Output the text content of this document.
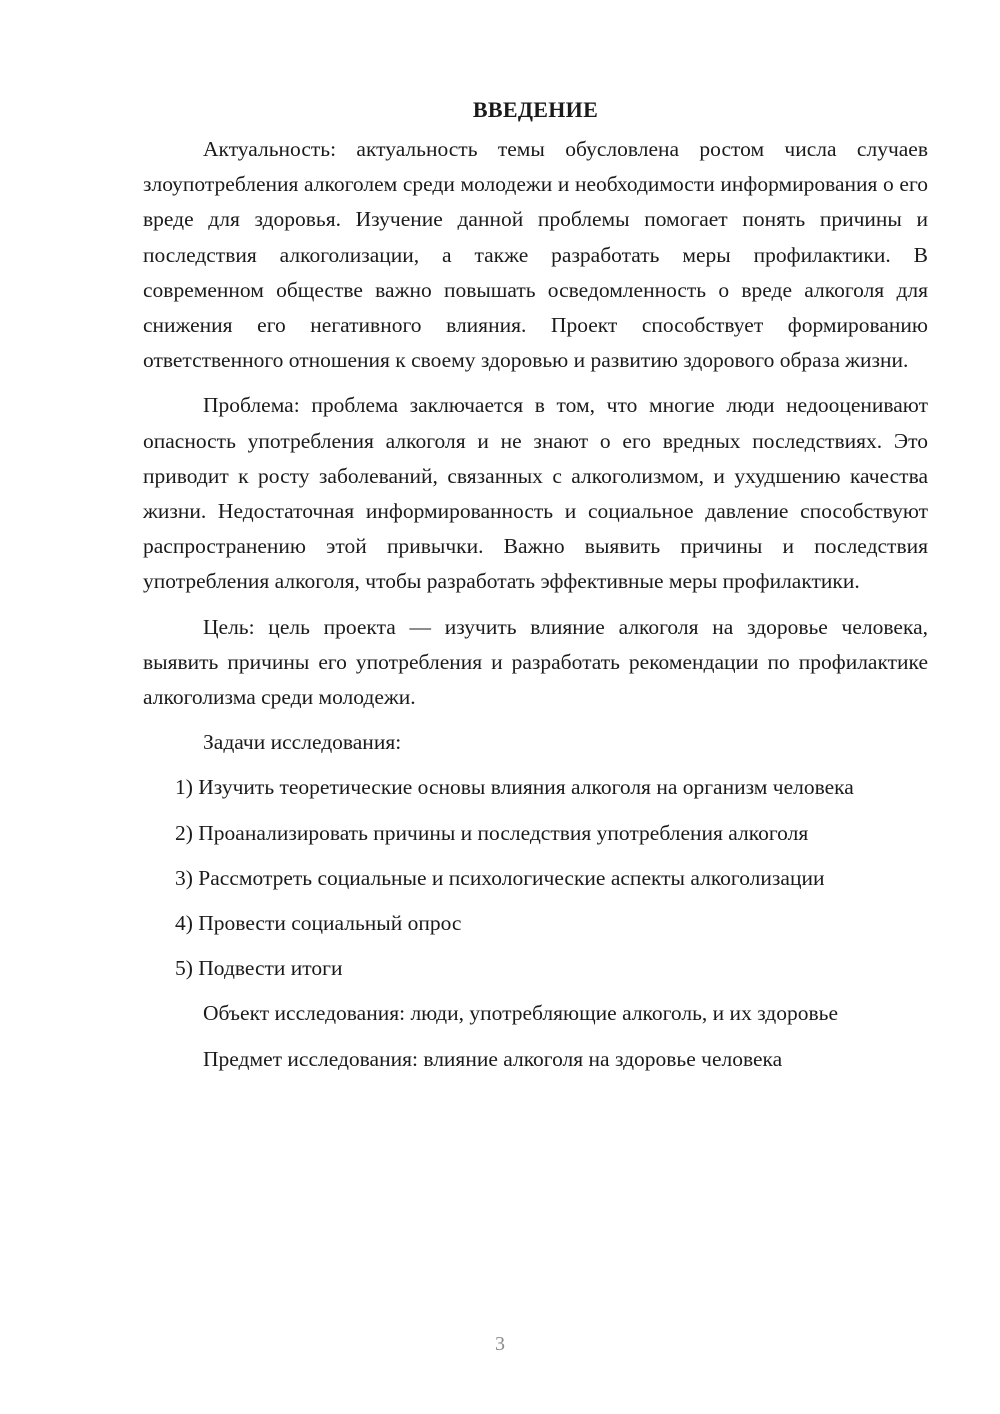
ВВЕДЕНИЕ

Актуальность: актуальность темы обусловлена ростом числа случаев злоупотребления алкоголем среди молодежи и необходимости информирования о его вреде для здоровья. Изучение данной проблемы помогает понять причины и последствия алкоголизации, а также разработать меры профилактики. В современном обществе важно повышать осведомленность о вреде алкоголя для снижения его негативного влияния. Проект способствует формированию ответственного отношения к своему здоровью и развитию здорового образа жизни.

Проблема: проблема заключается в том, что многие люди недооценивают опасность употребления алкоголя и не знают о его вредных последствиях. Это приводит к росту заболеваний, связанных с алкоголизмом, и ухудшению качества жизни. Недостаточная информированность и социальное давление способствуют распространению этой привычки. Важно выявить причины и последствия употребления алкоголя, чтобы разработать эффективные меры профилактики.

Цель: цель проекта — изучить влияние алкоголя на здоровье человека, выявить причины его употребления и разработать рекомендации по профилактике алкоголизма среди молодежи.

Задачи исследования:

1) Изучить теоретические основы влияния алкоголя на организм человека

2) Проанализировать причины и последствия употребления алкоголя

3) Рассмотреть социальные и психологические аспекты алкоголизации

4) Провести социальный опрос

5) Подвести итоги

Объект исследования: люди, употребляющие алкоголь, и их здоровье

Предмет исследования: влияние алкоголя на здоровье человека

3
